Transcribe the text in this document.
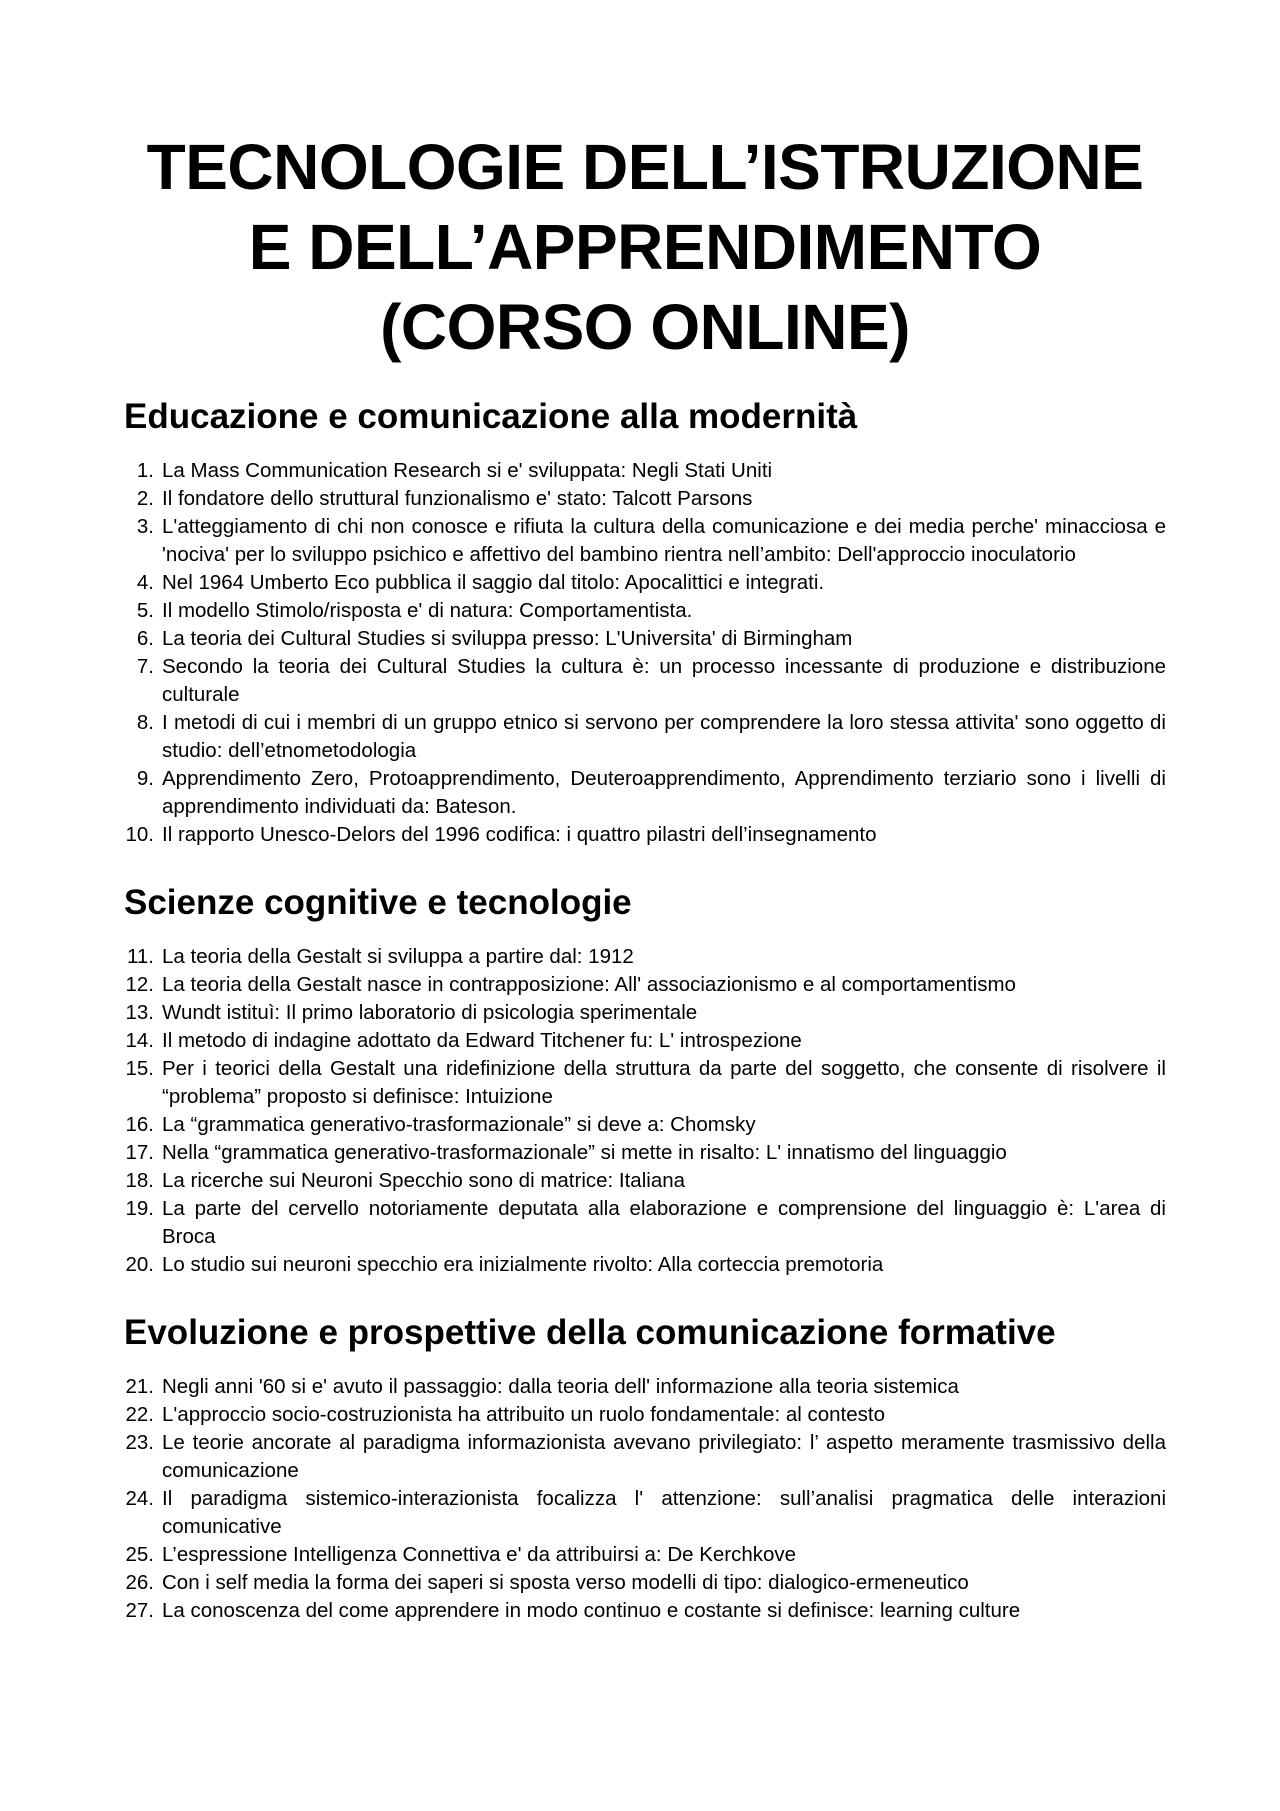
TECNOLOGIE DELL’ISTRUZIONE
E DELL’APPRENDIMENTO
(CORSO ONLINE)
Educazione e comunicazione alla modernità
1. La Mass Communication Research si e' sviluppata: Negli Stati Uniti
2. Il fondatore dello struttural funzionalismo e' stato: Talcott Parsons
3. L'atteggiamento di chi non conosce e rifiuta la cultura della comunicazione e dei media perche' minacciosa e 'nociva' per lo sviluppo psichico e affettivo del bambino rientra nell’ambito: Dell'approccio inoculatorio
4. Nel 1964 Umberto Eco pubblica il saggio dal titolo: Apocalittici e integrati.
5. Il modello Stimolo/risposta e' di natura: Comportamentista.
6. La teoria dei Cultural Studies si sviluppa presso: L'Universita' di Birmingham
7. Secondo la teoria dei Cultural Studies la cultura è: un processo incessante di produzione e distribuzione culturale
8. I metodi di cui i membri di un gruppo etnico si servono per comprendere la loro stessa attivita' sono oggetto di studio: dell’etnometodologia
9. Apprendimento Zero, Protoapprendimento, Deuteroapprendimento, Apprendimento terziario sono i livelli di apprendimento individuati da: Bateson.
10. Il rapporto Unesco-Delors del 1996 codifica: i quattro pilastri dell’insegnamento
Scienze cognitive e tecnologie
11. La teoria della Gestalt si sviluppa a partire dal: 1912
12. La teoria della Gestalt nasce in contrapposizione: All' associazionismo e al comportamentismo
13. Wundt istituì: Il primo laboratorio di psicologia sperimentale
14. Il metodo di indagine adottato da Edward Titchener fu: L' introspezione
15. Per i teorici della Gestalt una ridefinizione della struttura da parte del soggetto, che consente di risolvere il “problema” proposto si definisce: Intuizione
16. La “grammatica generativo-trasformazionale” si deve a: Chomsky
17. Nella “grammatica generativo-trasformazionale” si mette in risalto: L' innatismo del linguaggio
18. La ricerche sui Neuroni Specchio sono di matrice: Italiana
19. La parte del cervello notoriamente deputata alla elaborazione e comprensione del linguaggio è: L'area di Broca
20. Lo studio sui neuroni specchio era inizialmente rivolto: Alla corteccia premotoria
Evoluzione e prospettive della comunicazione formative
21. Negli anni '60 si e' avuto il passaggio: dalla teoria dell' informazione alla teoria sistemica
22. L'approccio socio-costruzionista ha attribuito un ruolo fondamentale: al contesto
23. Le teorie ancorate al paradigma informazionista avevano privilegiato: l’ aspetto meramente trasmissivo della comunicazione
24. Il paradigma sistemico-interazionista focalizza l' attenzione: sull’analisi pragmatica delle interazioni comunicative
25. L’espressione Intelligenza Connettiva e' da attribuirsi a: De Kerchkove
26. Con i self media la forma dei saperi si sposta verso modelli di tipo: dialogico-ermeneutico
27. La conoscenza del come apprendere in modo continuo e costante si definisce: learning culture
